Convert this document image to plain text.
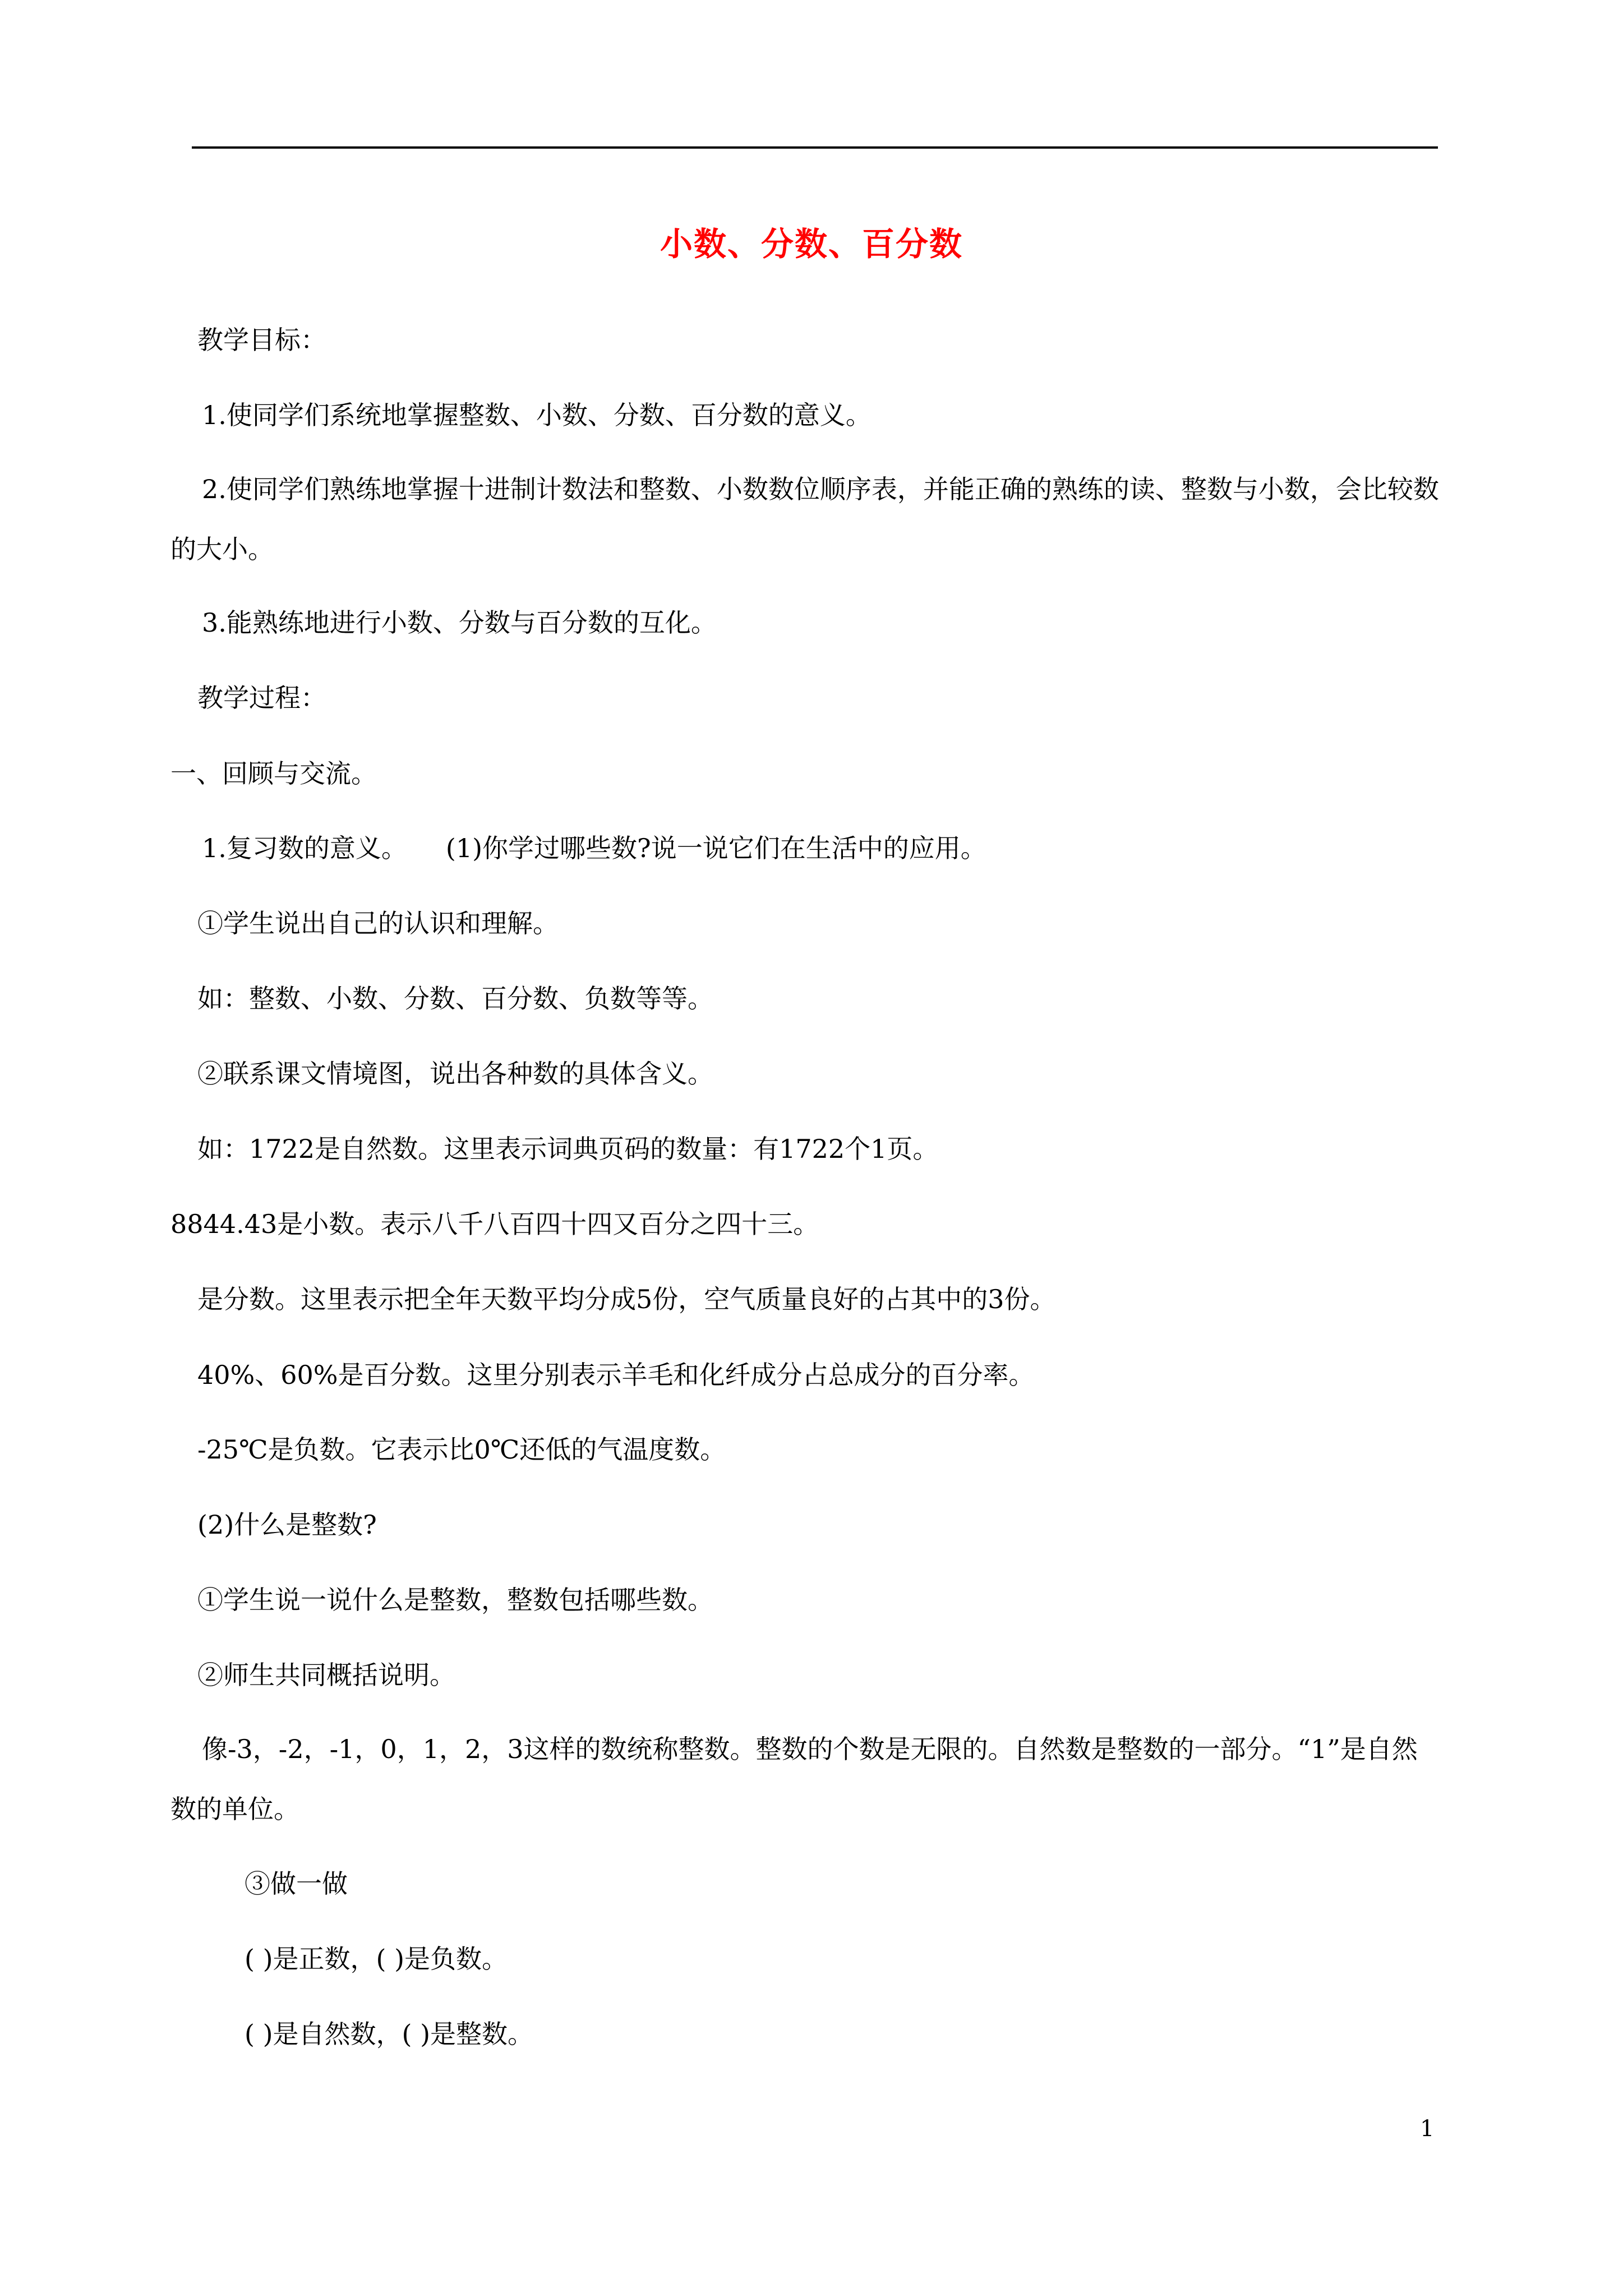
小数、分数、百分数
教学目标：
1.使同学们系统地掌握整数、小数、分数、百分数的意义。
2.使同学们熟练地掌握十进制计数法和整数、小数数位顺序表，并能正确的熟练的读、整数与小数，会比较数的大小。
3.能熟练地进行小数、分数与百分数的互化。
教学过程：
一、回顾与交流。
1.复习数的意义。　　(1)你学过哪些数?说一说它们在生活中的应用。
①学生说出自己的认识和理解。
如：整数、小数、分数、百分数、负数等等。
②联系课文情境图，说出各种数的具体含义。
如：1722是自然数。这里表示词典页码的数量：有1722个1页。
8844.43是小数。表示八千八百四十四又百分之四十三。
是分数。这里表示把全年天数平均分成5份，空气质量良好的占其中的3份。
40%、60%是百分数。这里分别表示羊毛和化纤成分占总成分的百分率。
-25℃是负数。它表示比0℃还低的气温度数。
(2)什么是整数?
①学生说一说什么是整数，整数包括哪些数。
②师生共同概括说明。
像-3，-2，-1，0，1，2，3这样的数统称整数。整数的个数是无限的。自然数是整数的一部分。“1”是自然数的单位。
③做一做
( )是正数，( )是负数。
( )是自然数，( )是整数。
1
